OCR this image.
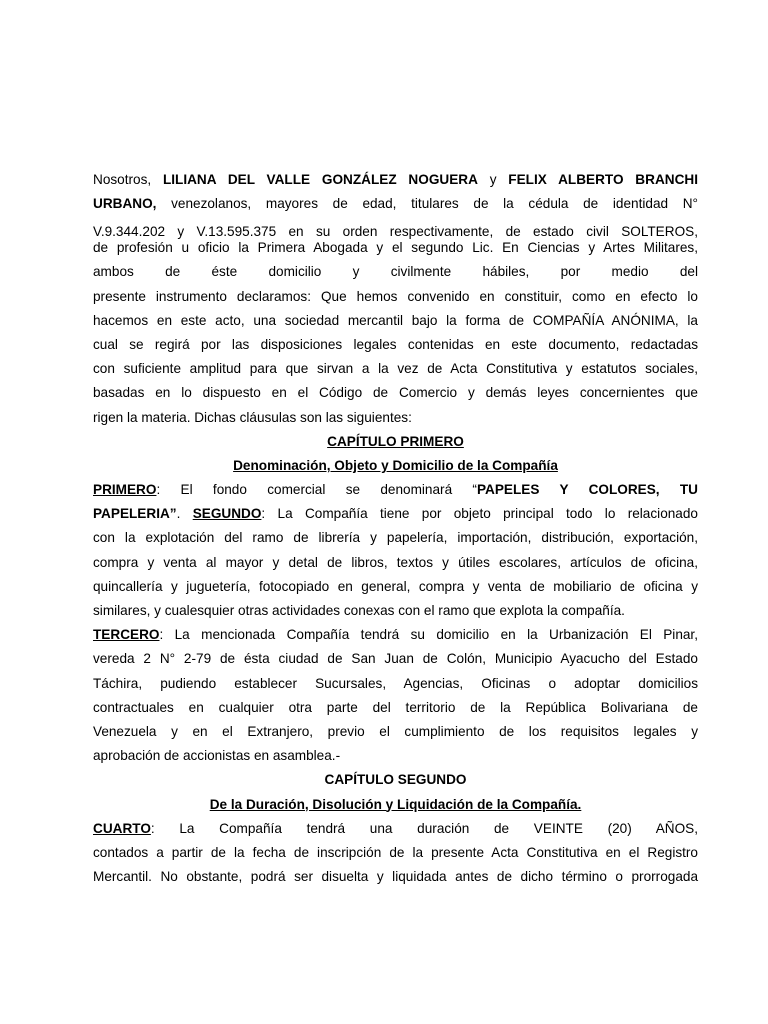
Nosotros, LILIANA DEL VALLE GONZÁLEZ NOGUERA y FELIX ALBERTO BRANCHI
URBANO, venezolanos, mayores de edad, titulares de la cédula de identidad N°
V.9.344.202 y V.13.595.375 en su orden respectivamente, de estado civil SOLTEROS,
de profesión u oficio la Primera Abogada y el segundo Lic. En Ciencias y Artes Militares,
ambos de éste domicilio y civilmente hábiles, por medio del
presente instrumento declaramos: Que hemos convenido en constituir, como en efecto lo
hacemos en este acto, una sociedad mercantil bajo la forma de COMPAÑÍA ANÓNIMA, la
cual se regirá por las disposiciones legales contenidas en este documento, redactadas
con suficiente amplitud para que sirvan a la vez de Acta Constitutiva y estatutos sociales,
basadas en lo dispuesto en el Código de Comercio y demás leyes concernientes que
rigen la materia. Dichas cláusulas son las siguientes:
CAPÍTULO PRIMERO
Denominación, Objeto y Domicilio de la Compañía
PRIMERO: El fondo comercial se denominará “PAPELES Y COLORES, TU
PAPELERIA”. SEGUNDO: La Compañía tiene por objeto principal todo lo relacionado
con la explotación del ramo de librería y papelería, importación, distribución, exportación,
compra y venta al mayor y detal de libros, textos y útiles escolares, artículos de oficina,
quincallería y juguetería, fotocopiado en general, compra y venta de mobiliario de oficina y
similares, y cualesquier otras actividades conexas con el ramo que explota la compañía.
TERCERO: La mencionada Compañía tendrá su domicilio en la Urbanización El Pinar,
vereda 2 N° 2-79 de ésta ciudad de San Juan de Colón, Municipio Ayacucho del Estado
Táchira, pudiendo establecer Sucursales, Agencias, Oficinas o adoptar domicilios
contractuales en cualquier otra parte del territorio de la República Bolivariana de
Venezuela y en el Extranjero, previo el cumplimiento de los requisitos legales y
aprobación de accionistas en asamblea.-
CAPÍTULO SEGUNDO
De la Duración, Disolución y Liquidación de la Compañía.
CUARTO: La Compañía tendrá una duración de VEINTE (20) AÑOS,
contados a partir de la fecha de inscripción de la presente Acta Constitutiva en el Registro
Mercantil. No obstante, podrá ser disuelta y liquidada antes de dicho término o prorrogada
